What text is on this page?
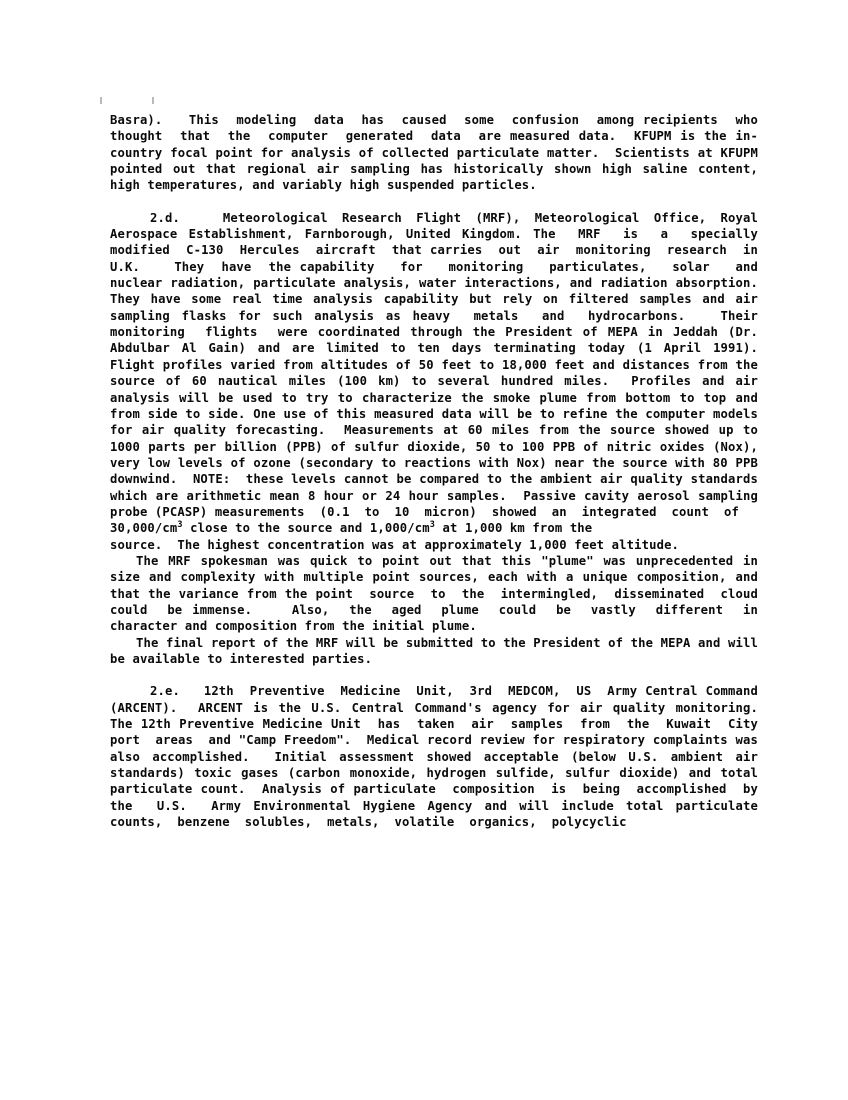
Basra).   This  modeling  data  has  caused  some  confusion  among recipients  who  thought  that  the  computer  generated  data  are measured data.  KFUPM is the in-country focal point for analysis of collected particulate matter.  Scientists at KFUPM pointed out that regional air sampling has historically shown high saline content, high temperatures, and variably high suspended particles.

2.d.   Meteorological Research Flight (MRF), Meteorological Office, Royal Aerospace Establishment, Farnborough, United Kingdom. The  MRF  is  a  specially  modified  C-130  Hercules  aircraft  that carries  out  air  monitoring  research  in  U.K.    They  have  the capability   for   monitoring   particulates,   solar   and   nuclear radiation, particulate analysis, water interactions, and radiation absorption.  They have some real time analysis capability but rely on filtered samples and air sampling flasks for such analysis as heavy  metals  and  hydrocarbons.   Their  monitoring  flights  were coordinated through the President of MEPA in Jeddah (Dr. Abdulbar Al Gain) and are limited to ten days terminating today (1 April 1991).  Flight profiles varied from altitudes of 50 feet to 18,000 feet and distances from the source of 60 nautical miles (100 km) to several hundred miles.  Profiles and air analysis will be used to try to characterize the smoke plume from bottom to top and from side to side. One use of this measured data will be to refine the computer models for air quality forecasting.  Measurements at 60 miles from the source showed up to 1000 parts per billion (PPB) of sulfur dioxide, 50 to 100 PPB of nitric oxides (Nox), very low levels of ozone (secondary to reactions with Nox) near the source with 80 PPB downwind.  NOTE:  these levels cannot be compared to the ambient air quality standards which are arithmetic mean 8 hour or 24 hour samples.  Passive cavity aerosol sampling probe (PCASP) measurements  (0.1  to  10  micron)  showed  an  integrated  count  of

$30,000/cm^3$ close to the source and $1,000/cm^3$ at 1,000 km from the

source.  The highest concentration was at approximately 1,000 feet altitude.

The MRF spokesman was quick to point out that this "plume" was unprecedented in size and complexity with multiple point sources, each with a unique composition, and that the variance from the point  source  to  the  intermingled,  disseminated  cloud  could  be immense.    Also,  the  aged  plume  could  be  vastly  different  in character and composition from the initial plume.

The final report of the MRF will be submitted to the President of the MEPA and will be available to interested parties.

2.e.   12th  Preventive  Medicine  Unit,  3rd  MEDCOM,  US  Army Central Command (ARCENT).  ARCENT is the U.S. Central Command's agency for air quality monitoring.  The 12th Preventive Medicine Unit  has  taken  air  samples  from  the  Kuwait  City  port  areas  and "Camp Freedom".  Medical record review for respiratory complaints was also accomplished.  Initial assessment showed acceptable (below U.S. ambient air standards) toxic gases (carbon monoxide, hydrogen sulfide, sulfur dioxide) and total particulate count.  Analysis of particulate  composition  is  being  accomplished  by  the  U.S.  Army Environmental Hygiene Agency and will include total particulate counts,  benzene  solubles,  metals,  volatile  organics,  polycyclic
